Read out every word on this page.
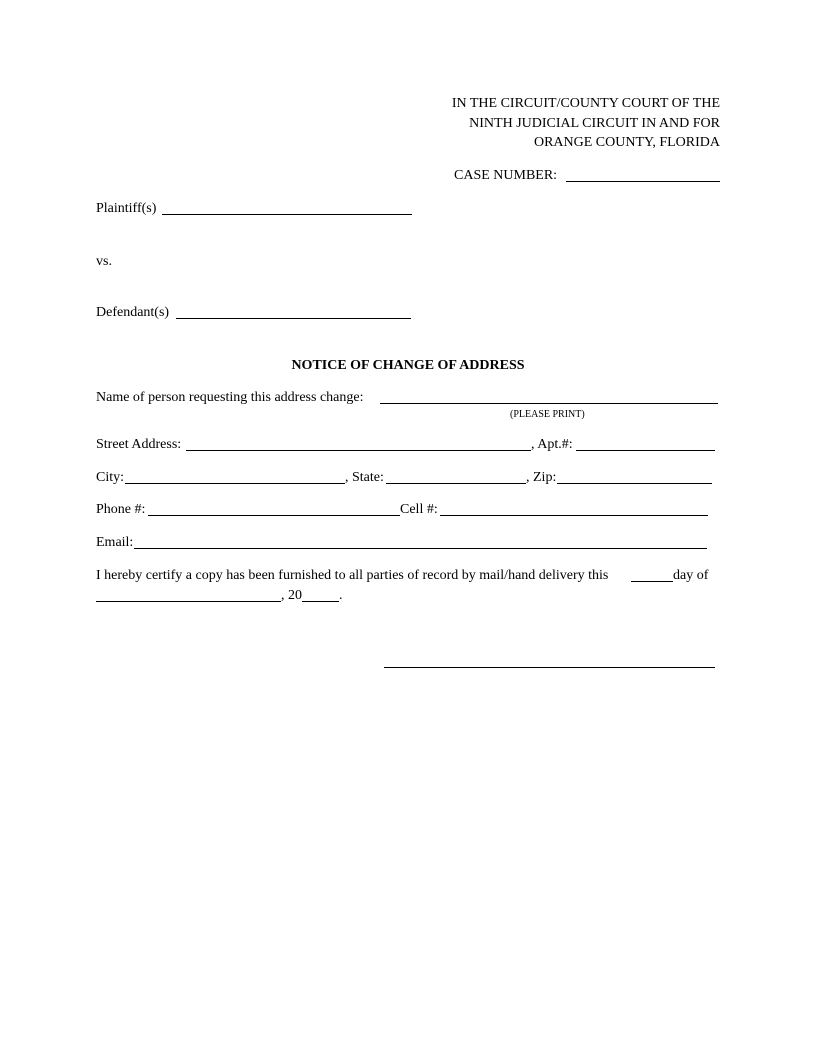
IN THE CIRCUIT/COUNTY COURT OF THE
NINTH JUDICIAL CIRCUIT IN AND FOR
ORANGE COUNTY, FLORIDA
CASE NUMBER:
Plaintiff(s)
vs.
Defendant(s)
NOTICE OF CHANGE OF ADDRESS
Name of person requesting this address change:
(PLEASE PRINT)
Street Address:	, Apt.#:
City:	, State:	, Zip:
Phone #:	Cell #:
Email:
I hereby certify a copy has been furnished to all parties of record by mail/hand delivery this	day of
, 20	.
